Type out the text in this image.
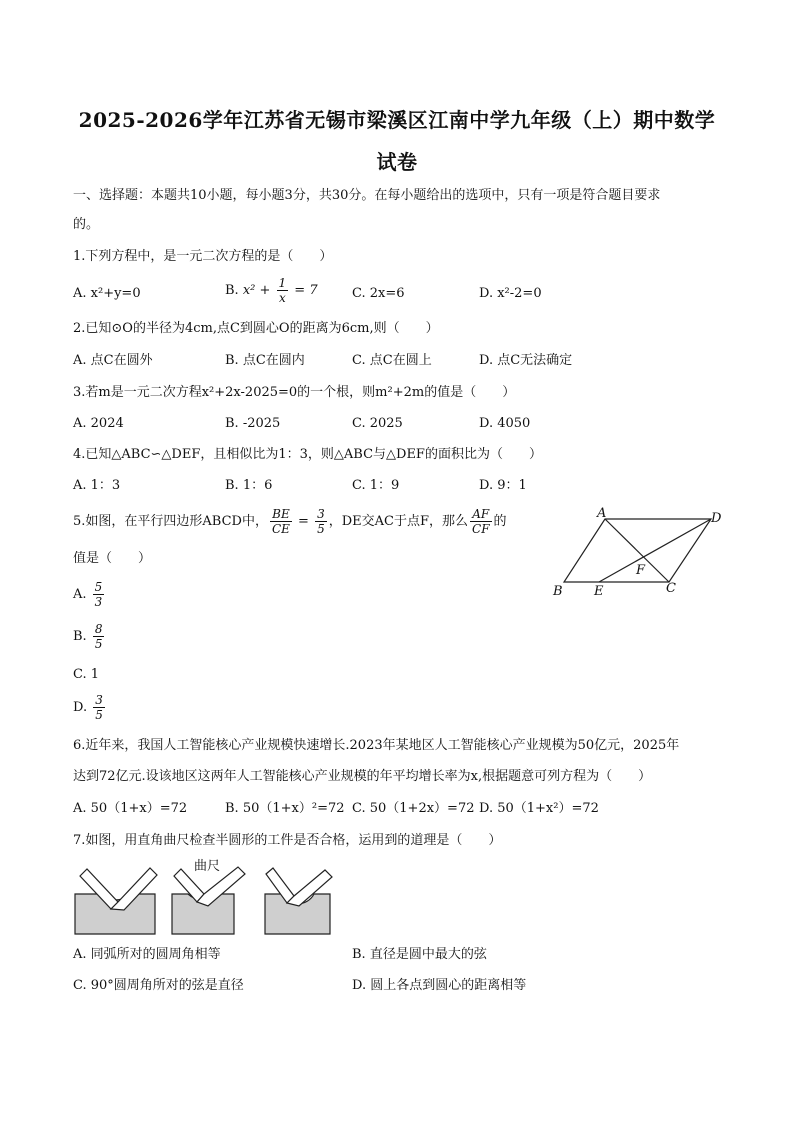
2025-2026学年江苏省无锡市梁溪区江南中学九年级（上）期中数学
试卷
一、选择题：本题共10小题，每小题3分，共30分。在每小题给出的选项中，只有一项是符合题目要求
的。
1.下列方程中，是一元二次方程的是（　　）
A. x²+y=0	B. $x^2 + \frac{1}{x} = 7$	C. 2x=6	D. x²-2=0
2.已知⊙O的半径为4cm,点C到圆心O的距离为6cm,则（　　）
A. 点C在圆外	B. 点C在圆内	C. 点C在圆上	D. 点C无法确定
3.若m是一元二次方程x²+2x-2025=0的一个根，则m²+2m的值是（　　）
A. 2024	B. -2025	C. 2025	D. 4050
4.已知△ABC∽△DEF，且相似比为1：3，则△ABC与△DEF的面积比为（　　）
A. 1：3	B. 1：6	C. 1：9	D. 9：1
5.如图，在平行四边形ABCD中， $\frac{BE}{CE} = \frac{3}{5}$ ，DE交AC于点F，那么 $\frac{AF}{CF}$ 的
值是（　　）
A. $\frac{5}{3}$
B. $\frac{8}{5}$
C. 1
D. $\frac{3}{5}$
A
B	C
D
E
F
6.近年来，我国人工智能核心产业规模快速增长.2023年某地区人工智能核心产业规模为50亿元，2025年
达到72亿元.设该地区这两年人工智能核心产业规模的年平均增长率为x,根据题意可列方程为（　　）
A. 50（1+x）=72	B. 50（1+x）²=72 C. 50（1+2x）=72 D. 50（1+x²）=72
7.如图，用直角曲尺检查半圆形的工件是否合格，运用到的道理是（　　）
曲尺
A. 同弧所对的圆周角相等	B. 直径是圆中最大的弦
C. 90°圆周角所对的弦是直径	D. 圆上各点到圆心的距离相等
